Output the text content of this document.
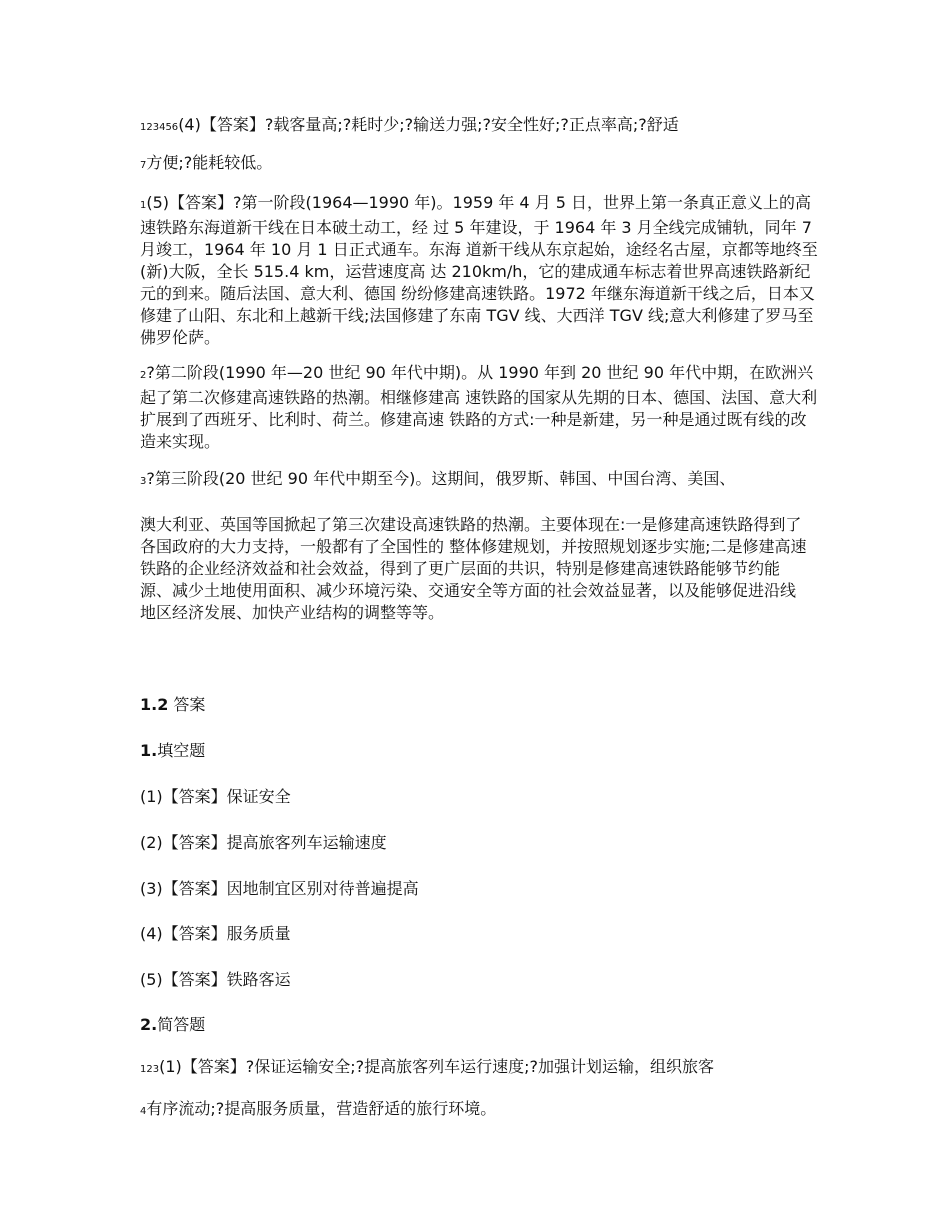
123456(4)【答案】?载客量高;?耗时少;?输送力强;?安全性好;?正点率高;?舒适

7方便;?能耗较低。

1(5)【答案】?第一阶段(1964—1990 年)。1959 年 4 月 5 日，世界上第一条真正意义上的高速铁路东海道新干线在日本破土动工，经 过 5 年建设，于 1964 年 3 月全线完成铺轨，同年 7 月竣工，1964 年 10 月 1 日正式通车。东海 道新干线从东京起始，途经名古屋，京都等地终至(新)大阪，全长 515.4 km，运营速度高 达 210km/h，它的建成通车标志着世界高速铁路新纪元的到来。随后法国、意大利、德国 纷纷修建高速铁路。1972 年继东海道新干线之后，日本又修建了山阳、东北和上越新干线;法国修建了东南 TGV 线、大西洋 TGV 线;意大利修建了罗马至佛罗伦萨。

2?第二阶段(1990 年—20 世纪 90 年代中期)。从 1990 年到 20 世纪 90 年代中期，在欧洲兴起了第二次修建高速铁路的热潮。相继修建高 速铁路的国家从先期的日本、德国、法国、意大利扩展到了西班牙、比利时、荷兰。修建高速 铁路的方式:一种是新建，另一种是通过既有线的改造来实现。

3?第三阶段(20 世纪 90 年代中期至今)。这期间，俄罗斯、韩国、中国台湾、美国、

澳大利亚、英国等国掀起了第三次建设高速铁路的热潮。主要体现在:一是修建高速铁路得到了各国政府的大力支持，一般都有了全国性的 整体修建规划，并按照规划逐步实施;二是修建高速铁路的企业经济效益和社会效益，得到了更广层面的共识，特别是修建高速铁路能够节约能源、减少土地使用面积、减少环境污染、交通安全等方面的社会效益显著，以及能够促进沿线地区经济发展、加快产业结构的调整等等。

1.2 答案

1.填空题

(1)【答案】保证安全

(2)【答案】提高旅客列车运输速度

(3)【答案】因地制宜区别对待普遍提高

(4)【答案】服务质量

(5)【答案】铁路客运

2.简答题

123(1)【答案】?保证运输安全;?提高旅客列车运行速度;?加强计划运输，组织旅客

4有序流动;?提高服务质量，营造舒适的旅行环境。
